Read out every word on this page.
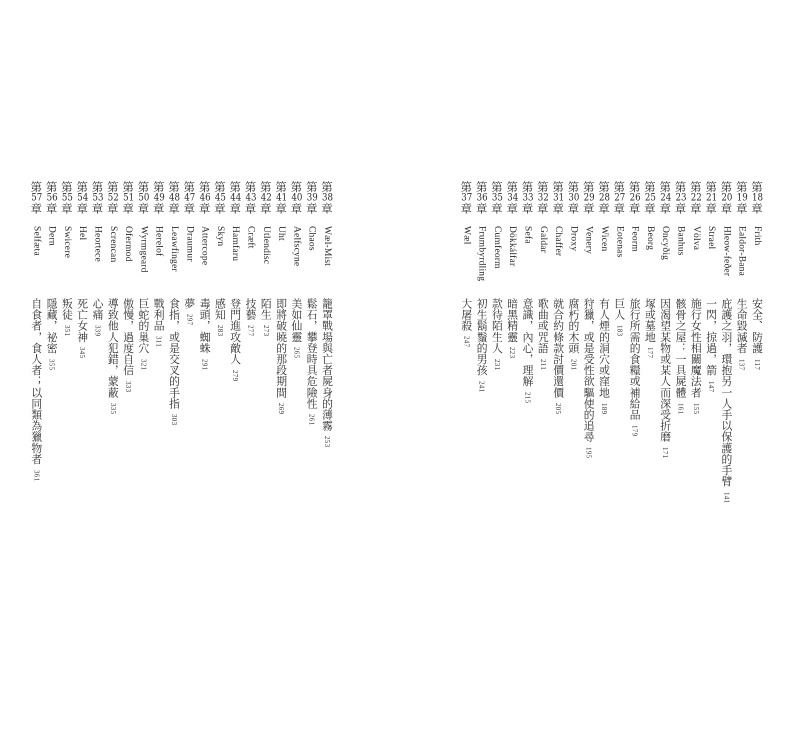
第38章
Wæl-Mist
籠罩戰場與亡者屍身的薄霧253
第39章
Chaos
鬆石，攀登時具危險性261
第40章
Aelfscyne
美如仙靈265
第41章
Uht
即將破曉的那段期間269
第42章
Utlendisc
陌生273
第43章
Cræft
技藝277
第44章
Hamfaru
登門進攻敵人279
第45章
Skyn
感知283
第46章
Attercope
毒頭，蜘蛛291
第47章
Draumur
夢297
第48章
Leawfinger
食指，或是交叉的手指303
第49章
Herelof
戰利品311
第50章
Wyrmgeard
巨蛇的巢穴321
第51章
Ofermod
傲慢，過度自信333
第52章
Screncan
導致他人犯錯，蒙蔽335
第53章
Heortece
心痛339
第54章
Hel
死亡女神345
第55章
Swicere
叛徒351
第56章
Dern
隱藏，祕密355
第57章
Selfæta
自食者，食人者；以同類為獵物者361
第18章
Frith
安全、防護117
第19章
Ealdor-Bana
生命毀滅者137
第20章
Hleow-feðer
庇護之羽，環抱另一人手以保護的手臂141
第21章
Strael
一閃，掠過，箭147
第22章
Völva
施行女性相關魔法者155
第23章
Banhus
骸骨之屋：一具屍體161
第24章
Oncyðig
因渴望某物或某人而深受折磨171
第25章
Beorg
塚或墓地177
第26章
Feorm
旅行所需的食糧或補給品179
第27章
Eotenas
巨人183
第28章
Wicen
有人煙的洞穴或窪地189
第29章
Venery
狩獵，或是受性欲驅使的追尋195
第30章
Droxy
腐朽的木頭201
第31章
Chaffer
就合約條款討價還價205
第32章
Galdar
歌曲或咒語211
第33章
Sefa
意識，內心，理解215
第34章
Dökkálfar
暗黑精靈223
第35章
Cumfeorm
款待陌生人231
第36章
Frumbyrdling
初生鬍鬚的男孩241
第37章
Wæl
大屠殺247
